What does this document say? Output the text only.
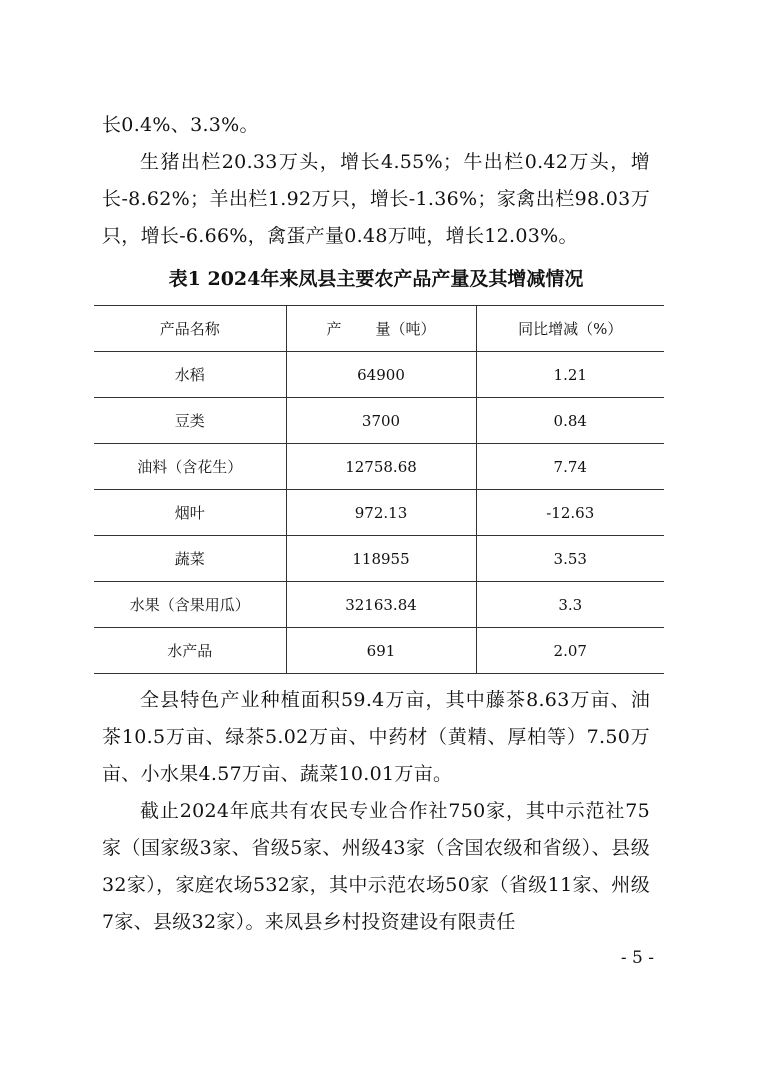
长0.4%、3.3%。

生猪出栏20.33万头，增长4.55%；牛出栏0.42万头，增长-8.62%；羊出栏1.92万只，增长-1.36%；家禽出栏98.03万只，增长-6.66%，禽蛋产量0.48万吨，增长12.03%。

表1 2024年来凤县主要农产品产量及其增减情况
产品名称	产 量（吨）	同比增减（%）
水稻	64900	1.21
豆类	3700	0.84
油料（含花生）	12758.68	7.74
烟叶	972.13	-12.63
蔬菜	118955	3.53
水果（含果用瓜）	32163.84	3.3
水产品	691	2.07

全县特色产业种植面积59.4万亩，其中藤茶8.63万亩、油茶10.5万亩、绿茶5.02万亩、中药材（黄精、厚柏等）7.50万亩、小水果4.57万亩、蔬菜10.01万亩。

截止2024年底共有农民专业合作社750家，其中示范社75家（国家级3家、省级5家、州级43家（含国农级和省级）、县级32家），家庭农场532家，其中示范农场50家（省级11家、州级7家、县级32家）。来凤县乡村投资建设有限责任

- 5 -
